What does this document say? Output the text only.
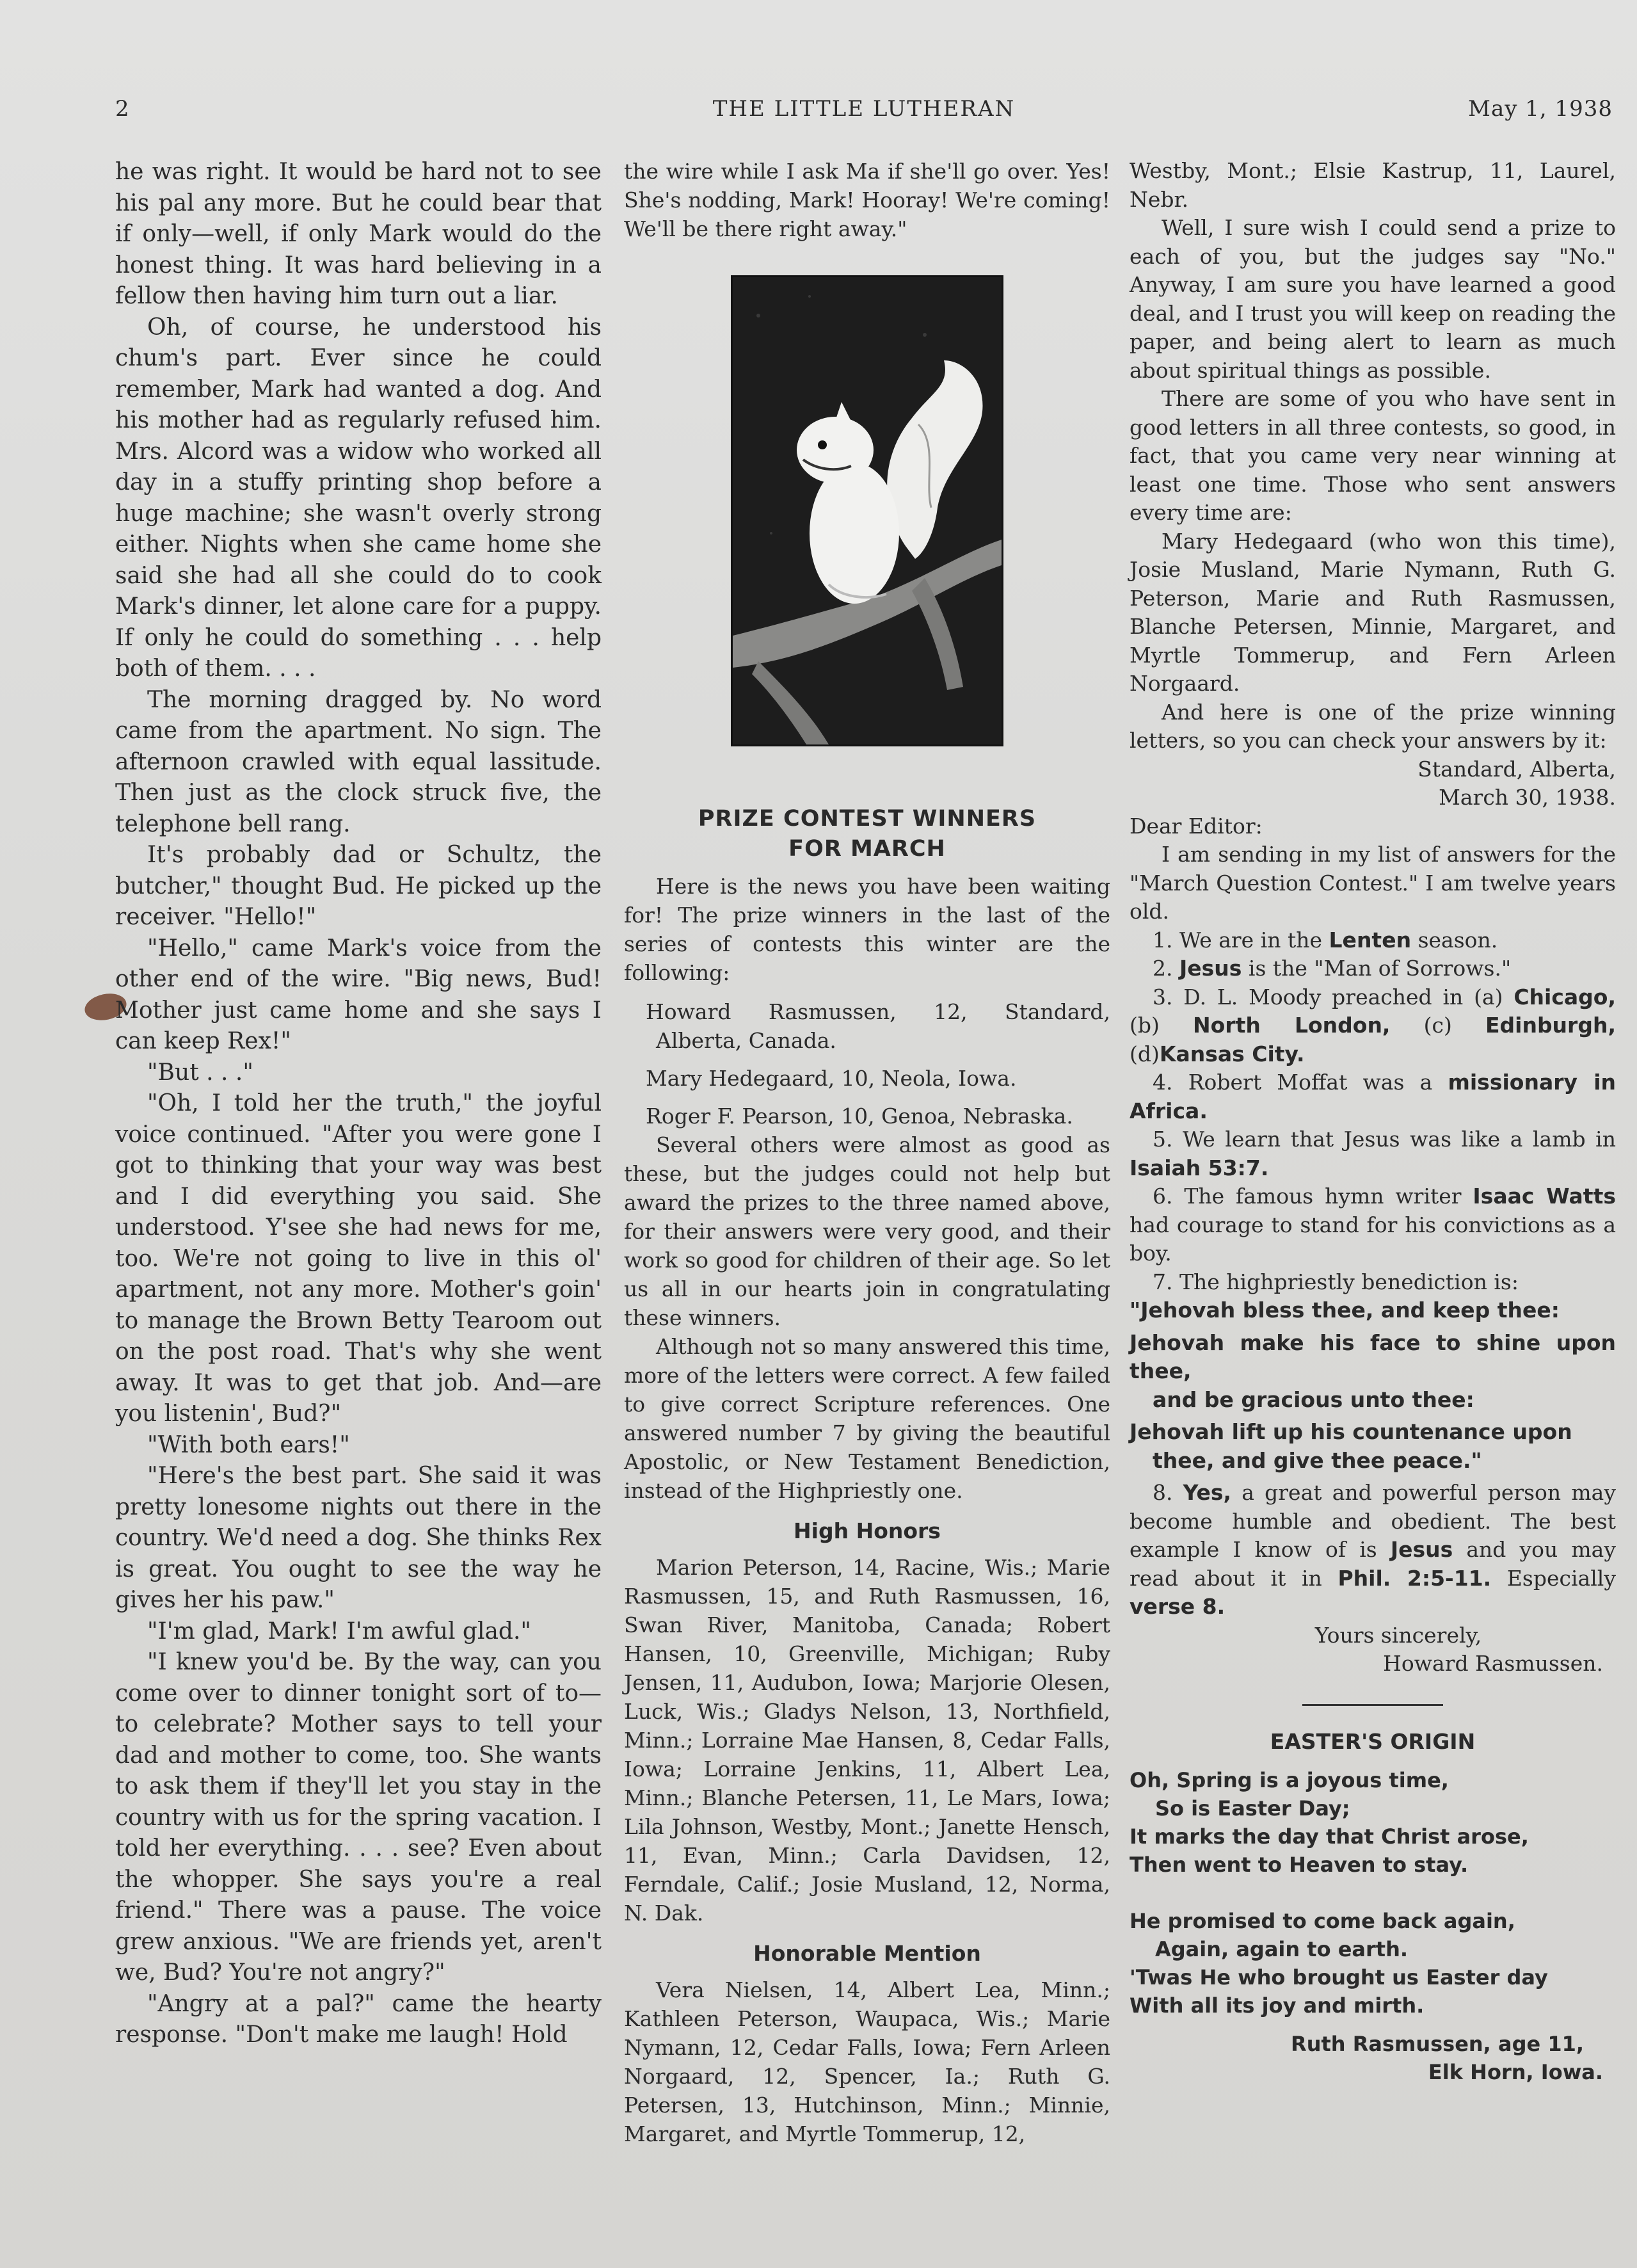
2	THE LITTLE LUTHERAN	May 1, 1938

he was right. It would be hard not to see his pal any more. But he could bear that if only—well, if only Mark would do the honest thing. It was hard believing in a fellow then having him turn out a liar.

Oh, of course, he understood his chum's part. Ever since he could remember, Mark had wanted a dog. And his mother had as regularly refused him. Mrs. Alcord was a widow who worked all day in a stuffy printing shop before a huge machine; she wasn't overly strong either. Nights when she came home she said she had all she could do to cook Mark's dinner, let alone care for a puppy. If only he could do something . . . help both of them. . . .

The morning dragged by. No word came from the apartment. No sign. The afternoon crawled with equal lassitude. Then just as the clock struck five, the telephone bell rang.

It's probably dad or Schultz, the butcher," thought Bud. He picked up the receiver. "Hello!"

"Hello," came Mark's voice from the other end of the wire. "Big news, Bud! Mother just came home and she says I can keep Rex!"

"But . . ."

"Oh, I told her the truth," the joyful voice continued. "After you were gone I got to thinking that your way was best and I did everything you said. She understood. Y'see she had news for me, too. We're not going to live in this ol' apartment, not any more. Mother's goin' to manage the Brown Betty Tearoom out on the post road. That's why she went away. It was to get that job. And—are you listenin', Bud?"

"With both ears!"

"Here's the best part. She said it was pretty lonesome nights out there in the country. We'd need a dog. She thinks Rex is great. You ought to see the way he gives her his paw."

"I'm glad, Mark! I'm awful glad."

"I knew you'd be. By the way, can you come over to dinner tonight sort of to—to celebrate? Mother says to tell your dad and mother to come, too. She wants to ask them if they'll let you stay in the country with us for the spring vacation. I told her everything. . . . see? Even about the whopper. She says you're a real friend." There was a pause. The voice grew anxious. "We are friends yet, aren't we, Bud? You're not angry?"

"Angry at a pal?" came the hearty response. "Don't make me laugh! Hold

the wire while I ask Ma if she'll go over. Yes! She's nodding, Mark! Hooray! We're coming! We'll be there right away."

PRIZE CONTEST WINNERS

FOR MARCH

Here is the news you have been waiting for! The prize winners in the last of the series of contests this winter are the following:

Howard Rasmussen, 12, Standard, Alberta, Canada.

Mary Hedegaard, 10, Neola, Iowa.

Roger F. Pearson, 10, Genoa, Nebraska.

Several others were almost as good as these, but the judges could not help but award the prizes to the three named above, for their answers were very good, and their work so good for children of their age. So let us all in our hearts join in congratulating these winners.

Although not so many answered this time, more of the letters were correct. A few failed to give correct Scripture references. One answered number 7 by giving the beautiful Apostolic, or New Testament Benediction, instead of the Highpriestly one.

High Honors

Marion Peterson, 14, Racine, Wis.; Marie Rasmussen, 15, and Ruth Rasmussen, 16, Swan River, Manitoba, Canada; Robert Hansen, 10, Greenville, Michigan; Ruby Jensen, 11, Audubon, Iowa; Marjorie Olesen, Luck, Wis.; Gladys Nelson, 13, Northfield, Minn.; Lorraine Mae Hansen, 8, Cedar Falls, Iowa; Lorraine Jenkins, 11, Albert Lea, Minn.; Blanche Petersen, 11, Le Mars, Iowa; Lila Johnson, Westby, Mont.; Janette Hensch, 11, Evan, Minn.; Carla Davidsen, 12, Ferndale, Calif.; Josie Musland, 12, Norma, N. Dak.

Honorable Mention

Vera Nielsen, 14, Albert Lea, Minn.; Kathleen Peterson, Waupaca, Wis.; Marie Nymann, 12, Cedar Falls, Iowa; Fern Arleen Norgaard, 12, Spencer, Ia.; Ruth G. Petersen, 13, Hutchinson, Minn.; Minnie, Margaret, and Myrtle Tommerup, 12,

Westby, Mont.; Elsie Kastrup, 11, Laurel, Nebr.

Well, I sure wish I could send a prize to each of you, but the judges say "No." Anyway, I am sure you have learned a good deal, and I trust you will keep on reading the paper, and being alert to learn as much about spiritual things as possible.

There are some of you who have sent in good letters in all three contests, so good, in fact, that you came very near winning at least one time. Those who sent answers every time are:

Mary Hedegaard (who won this time), Josie Musland, Marie Nymann, Ruth G. Peterson, Marie and Ruth Rasmussen, Blanche Petersen, Minnie, Margaret, and Myrtle Tommerup, and Fern Arleen Norgaard.

And here is one of the prize winning letters, so you can check your answers by it:

Standard, Alberta,

March 30, 1938.

Dear Editor:

I am sending in my list of answers for the "March Question Contest." I am twelve years old.

1. We are in the Lenten season.

2. Jesus is the "Man of Sorrows."

3. D. L. Moody preached in (a) Chicago, (b) North London, (c) Edinburgh, (d)Kansas City.

4. Robert Moffat was a missionary in Africa.

5. We learn that Jesus was like a lamb in Isaiah 53:7.

6. The famous hymn writer Isaac Watts had courage to stand for his convictions as a boy.

7. The highpriestly benediction is:

"Jehovah bless thee, and keep thee:

Jehovah make his face to shine upon thee,

and be gracious unto thee:

Jehovah lift up his countenance upon

thee, and give thee peace."

8. Yes, a great and powerful person may become humble and obedient. The best example I know of is Jesus and you may read about it in Phil. 2:5-11. Especially verse 8.

Yours sincerely,

Howard Rasmussen.

EASTER'S ORIGIN

Oh, Spring is a joyous time,

So is Easter Day;

It marks the day that Christ arose,

Then went to Heaven to stay.

He promised to come back again,

Again, again to earth.

'Twas He who brought us Easter day

With all its joy and mirth.

Ruth Rasmussen, age 11,

Elk Horn, Iowa.
